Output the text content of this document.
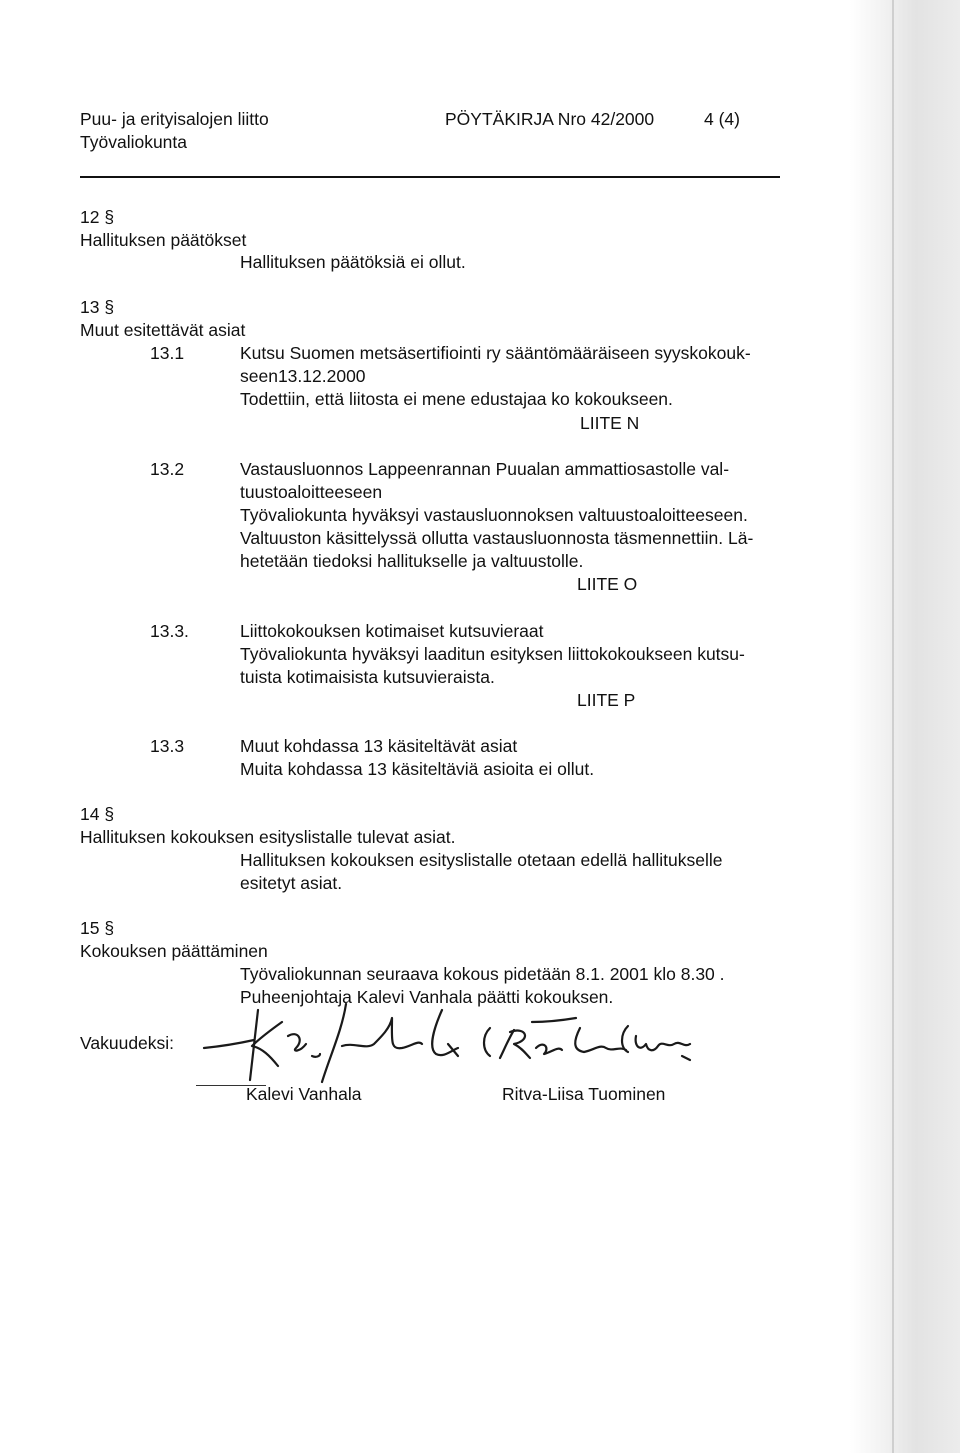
Puu- ja erityisalojen liitto
Työvaliokunta
PÖYTÄKIRJA Nro 42/2000	4 (4)
12 §
Hallituksen päätökset
Hallituksen päätöksiä ei ollut.
13 §
Muut esitettävät asiat
13.1	Kutsu Suomen metsäsertifiointi ry sääntömääräiseen syyskokouk-
seen13.12.2000
Todettiin, että liitosta ei mene edustajaa ko kokoukseen.
LIITE N
13.2	Vastausluonnos Lappeenrannan Puualan ammattiosastolle val-
tuustoaloitteeseen
Työvaliokunta hyväksyi vastausluonnoksen valtuustoaloitteeseen.
Valtuuston käsittelyssä ollutta vastausluonnosta täsmennettiin. Lä-
hetetään tiedoksi hallitukselle ja valtuustolle.
LIITE O
13.3.	Liittokokouksen kotimaiset kutsuvieraat
Työvaliokunta hyväksyi laaditun esityksen liittokokoukseen kutsu-
tuista kotimaisista kutsuvieraista.
LIITE P
13.3	Muut kohdassa 13 käsiteltävät asiat
Muita kohdassa 13 käsiteltäviä asioita ei ollut.
14 §
Hallituksen kokouksen esityslistalle tulevat asiat.
Hallituksen kokouksen esityslistalle otetaan edellä hallitukselle
esitetyt asiat.
15 §
Kokouksen päättäminen
Työvaliokunnan seuraava kokous pidetään 8.1. 2001 klo 8.30 .
Puheenjohtaja Kalevi Vanhala päätti kokouksen.
Vakuudeksi:
Kalevi Vanhala	Ritva-Liisa Tuominen
